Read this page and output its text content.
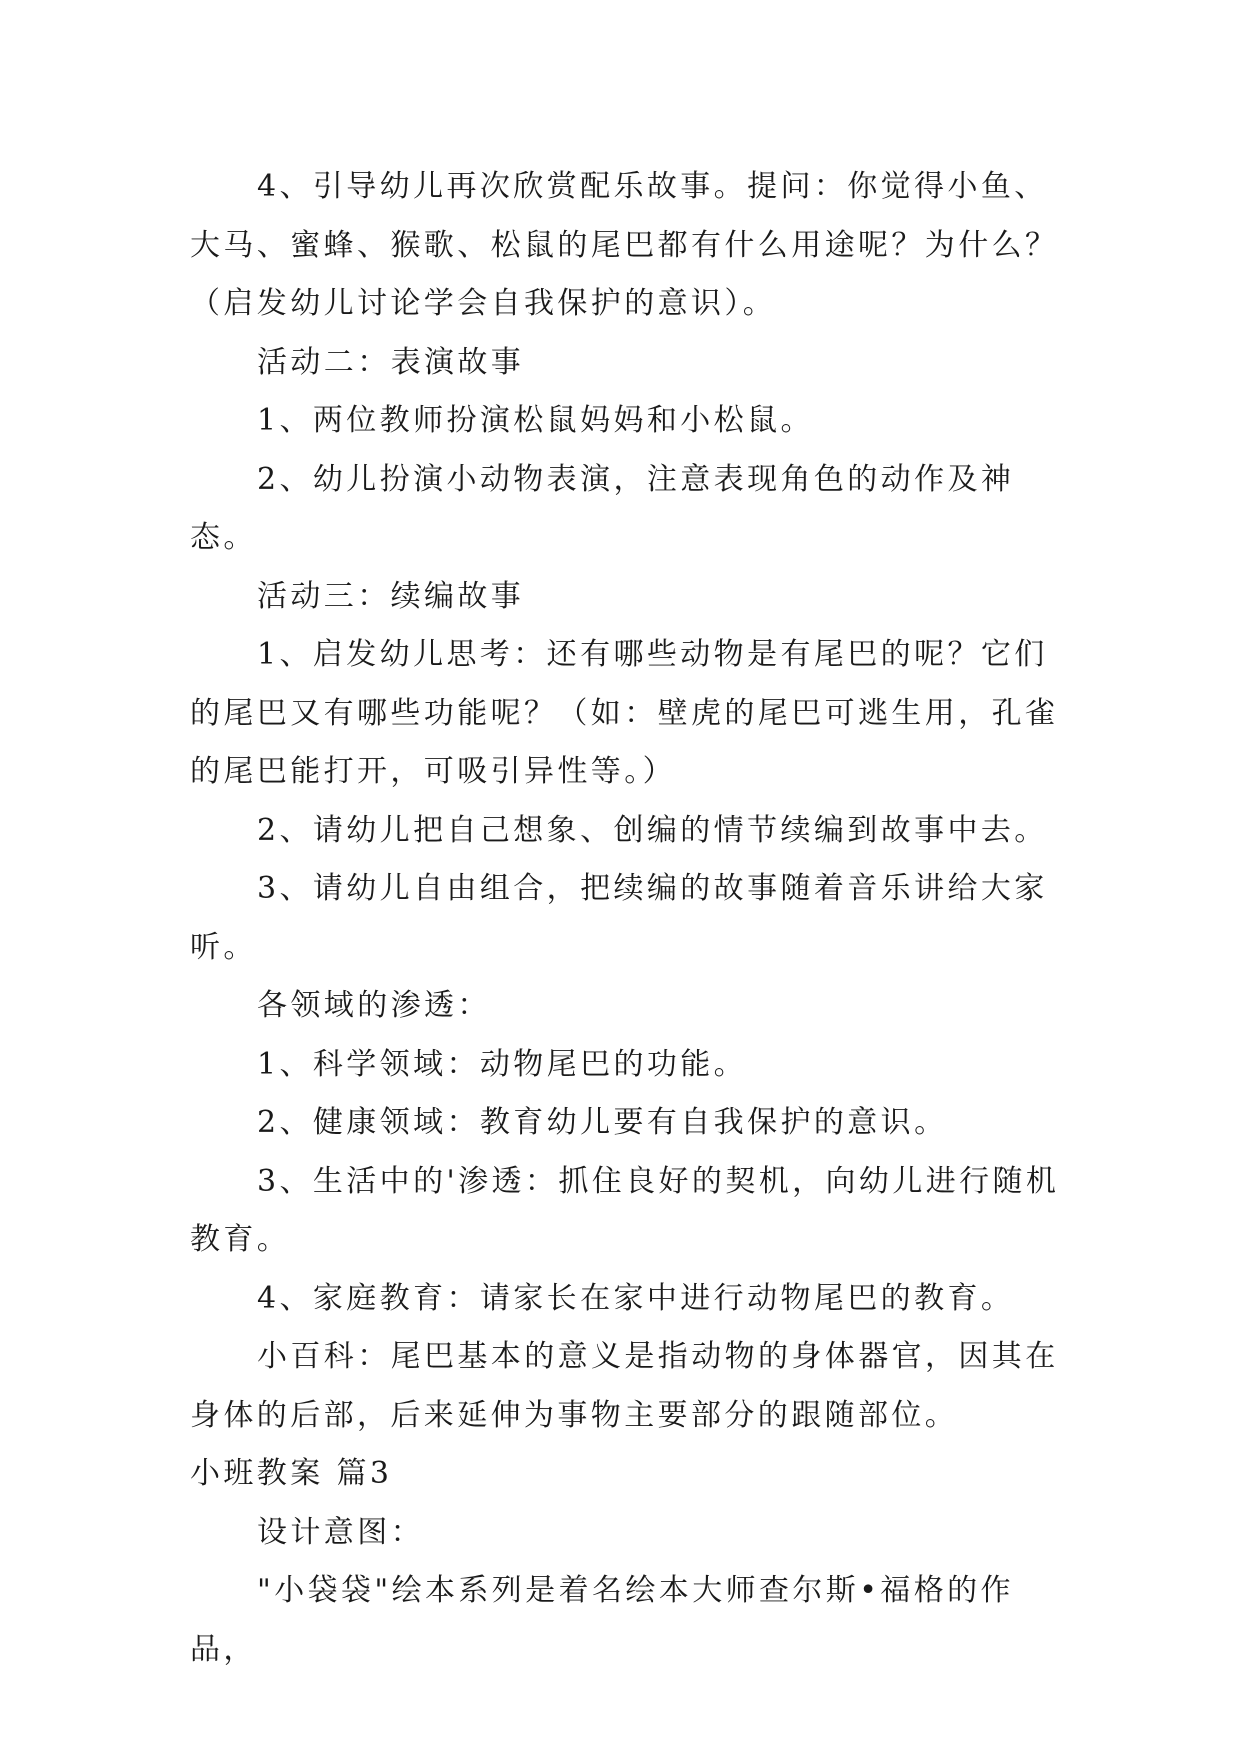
4、引导幼儿再次欣赏配乐故事。提问：你觉得小鱼、大马、蜜蜂、猴歌、松鼠的尾巴都有什么用途呢？为什么？（启发幼儿讨论学会自我保护的意识）。

活动二：表演故事

1、两位教师扮演松鼠妈妈和小松鼠。

2、幼儿扮演小动物表演，注意表现角色的动作及神态。

活动三：续编故事

1、启发幼儿思考：还有哪些动物是有尾巴的呢？它们的尾巴又有哪些功能呢？（如：壁虎的尾巴可逃生用，孔雀的尾巴能打开，可吸引异性等。）

2、请幼儿把自己想象、创编的情节续编到故事中去。

3、请幼儿自由组合，把续编的故事随着音乐讲给大家听。

各领域的渗透：

1、科学领域：动物尾巴的功能。

2、健康领域：教育幼儿要有自我保护的意识。

3、生活中的'渗透：抓住良好的契机，向幼儿进行随机教育。

4、家庭教育：请家长在家中进行动物尾巴的教育。

小百科：尾巴基本的意义是指动物的身体器官，因其在身体的后部，后来延伸为事物主要部分的跟随部位。

小班教案 篇3

设计意图：

"小袋袋"绘本系列是着名绘本大师查尔斯•福格的作品，
